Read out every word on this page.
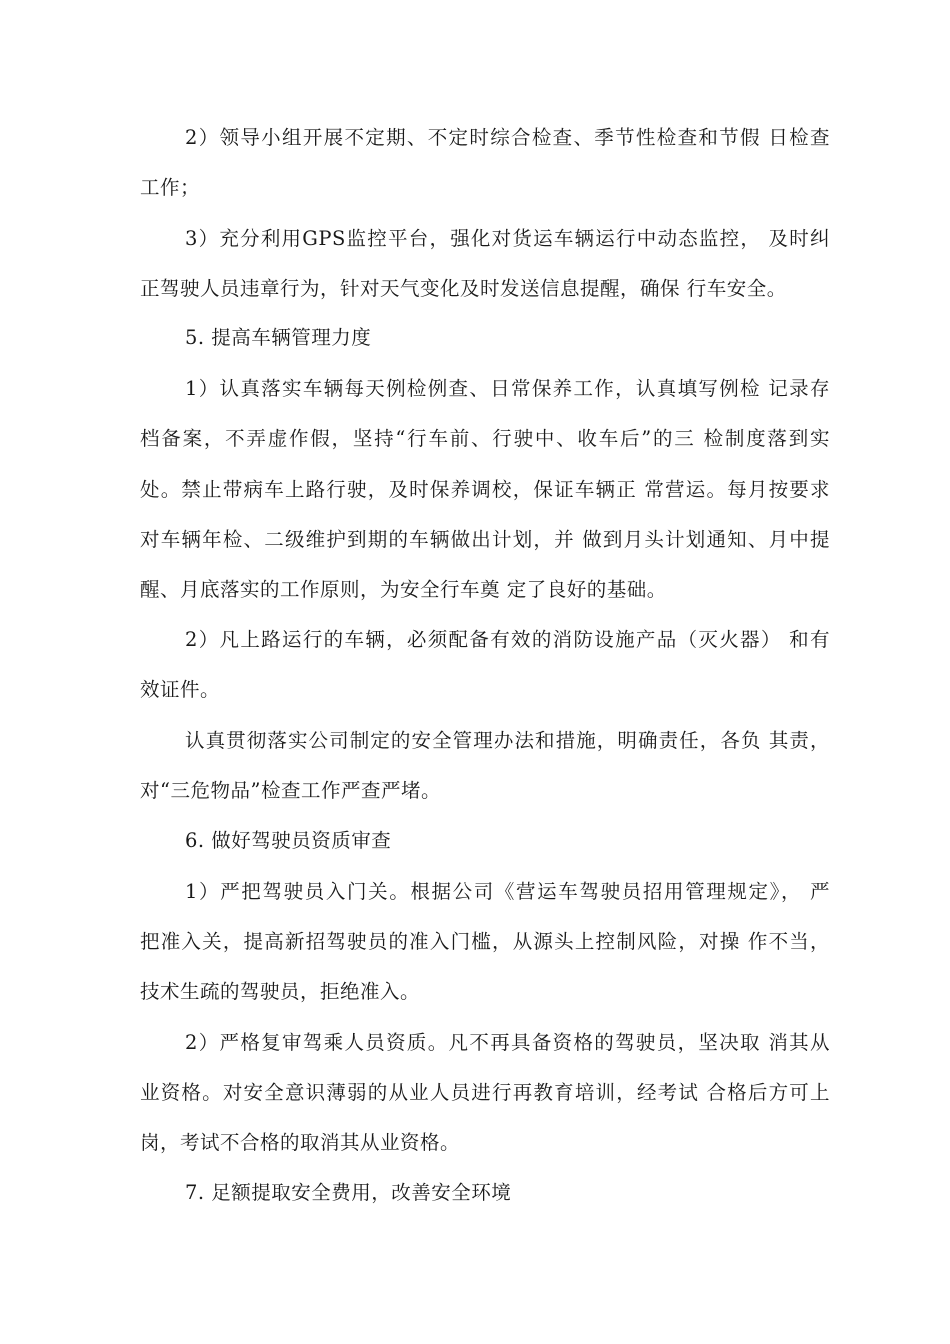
2）领导小组开展不定期、不定时综合检查、季节性检查和节假 日检查
工作；
3）充分利用GPS监控平台，强化对货运车辆运行中动态监控， 及时纠
正驾驶人员违章行为，针对天气变化及时发送信息提醒，确保 行车安全。
5. 提高车辆管理力度
1）认真落实车辆每天例检例查、日常保养工作，认真填写例检 记录存
档备案，不弄虚作假，坚持“行车前、行驶中、收车后”的三 检制度落到实
处。禁止带病车上路行驶，及时保养调校，保证车辆正 常营运。每月按要求
对车辆年检、二级维护到期的车辆做出计划，并 做到月头计划通知、月中提
醒、月底落实的工作原则，为安全行车奠 定了良好的基础。
2）凡上路运行的车辆，必须配备有效的消防设施产品（灭火器） 和有
效证件。
认真贯彻落实公司制定的安全管理办法和措施，明确责任，各负 其责，
对“三危物品”检查工作严查严堵。
6. 做好驾驶员资质审查
1）严把驾驶员入门关。根据公司《营运车驾驶员招用管理规定》， 严
把准入关，提高新招驾驶员的准入门槛，从源头上控制风险，对操 作不当，
技术生疏的驾驶员，拒绝准入。
2）严格复审驾乘人员资质。凡不再具备资格的驾驶员，坚决取 消其从
业资格。对安全意识薄弱的从业人员进行再教育培训，经考试 合格后方可上
岗，考试不合格的取消其从业资格。
7. 足额提取安全费用，改善安全环境
